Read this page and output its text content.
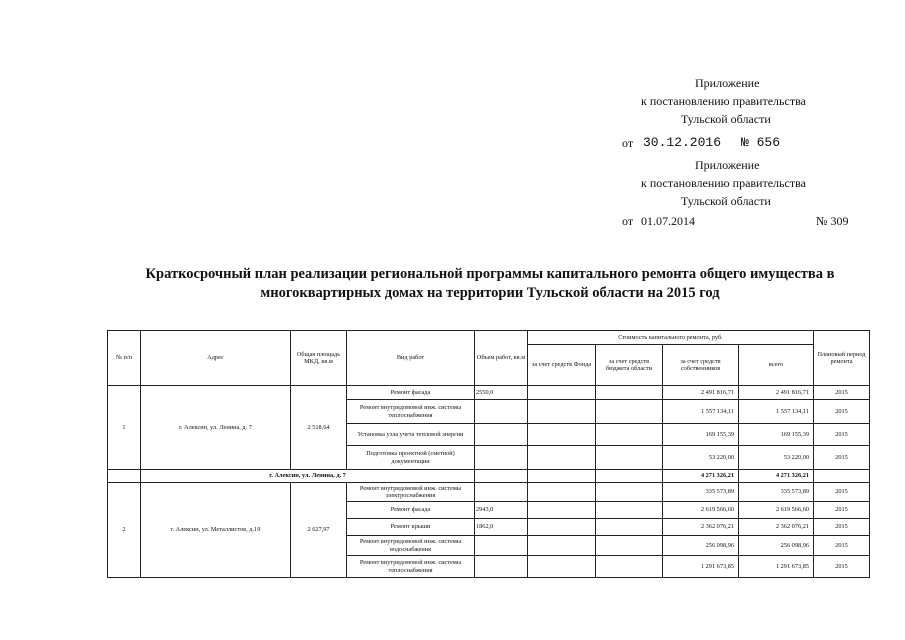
Приложение
к постановлению правительства
Тульской области
от 30.12.2016 № 656
Приложение
к постановлению правительства
Тульской области
от 01.07.2014	№ 309
Краткосрочный план реализации региональной программы капитального ремонта общего имущества в
многоквартирных домах на территории Тульской области на 2015 год
№ п/п	Адрес	Общая площадь МКД, кв.м	Вид работ	Объем работ, кв.м	Стоимость капитального ремонта, руб.				Плановый период ремонта
					за счет средств Фонда	за счет средств бюджета области	за счет средств собственников	всего	
1	г. Алексин, ул. Ленина, д. 7	2 518,64	Ремонт фасада	2550,0			2 491 816,71	2 491 816,71	2015
			Ремонт внутридомовой инж. системы теплоснабжения				1 557 134,11	1 557 134,11	2015
			Установка узла учета тепловой энергии				169 155,39	169 155,39	2015
			Подготовка проектной (сметной) документации				53 220,00	53 220,00	2015
	г. Алексин, ул. Ленина, д. 7						4 271 326,21	4 271 326,21	
2	г. Алексин, ул. Металлистов, д.19	2 627,97	Ремонт внутридомовой инж. системы электроснабжения				335 573,89	335 573,89	2015
			Ремонт фасада	2943,0			2 619 566,60	2 619 566,60	2015
			Ремонт крыши	1862,0			2 362 076,21	2 362 076,21	2015
			Ремонт внутридомовой инж. системы водоснабжения				256 098,96	256 098,96	2015
			Ремонт внутридомовой инж. системы теплоснабжения				1 291 673,85	1 291 673,85	2015
